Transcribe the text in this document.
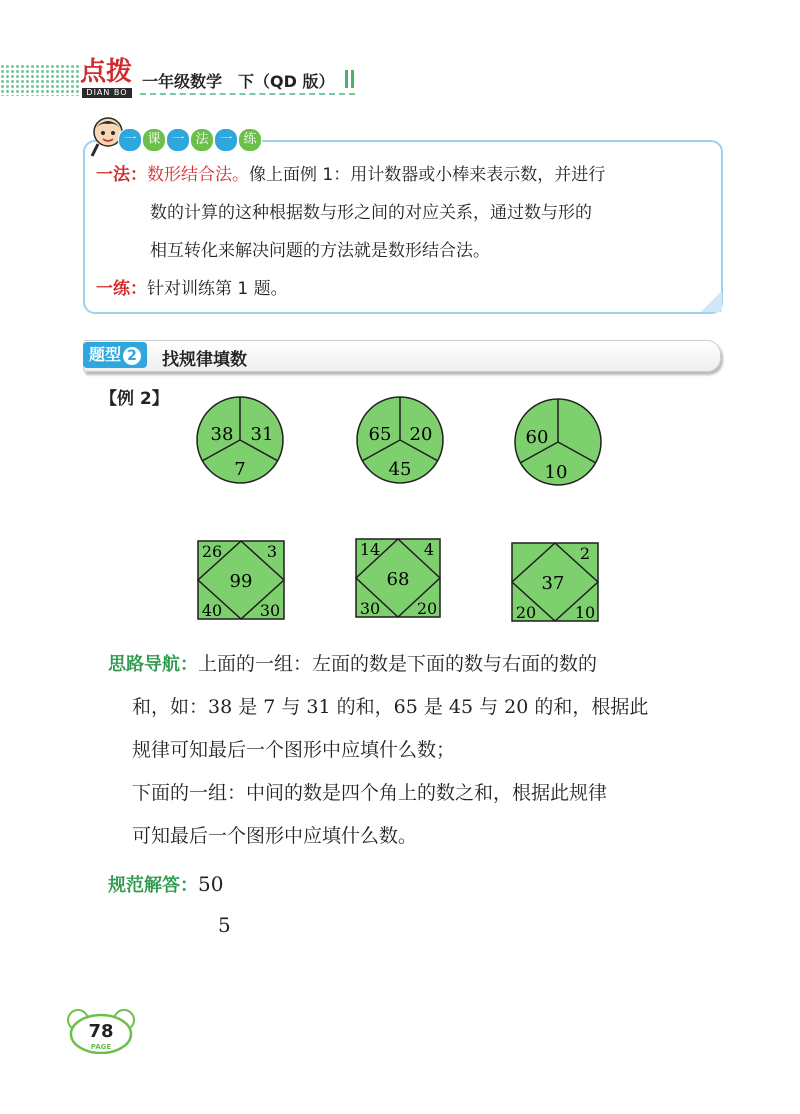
点拨
DIAN BO
一年级数学　下（QD 版）
一 课 一 法 一 练
一法：数形结合法。像上面例 1：用计数器或小棒来表示数，并进行
数的计算的这种根据数与形之间的对应关系，通过数与形的
相互转化来解决问题的方法就是数形结合法。
一练：针对训练第 1 题。
题型 2	找规律填数
【例 2】
38 31
7
65 20
45
60
10
26	3
99
40 30
14	4
68
30 20
2
37
20 10
思路导航：上面的一组：左面的数是下面的数与右面的数的
和，如：38 是 7 与 31 的和，65 是 45 与 20 的和，根据此
规律可知最后一个图形中应填什么数；
下面的一组：中间的数是四个角上的数之和，根据此规律
可知最后一个图形中应填什么数。
规范解答：50
5
78
PAGE
